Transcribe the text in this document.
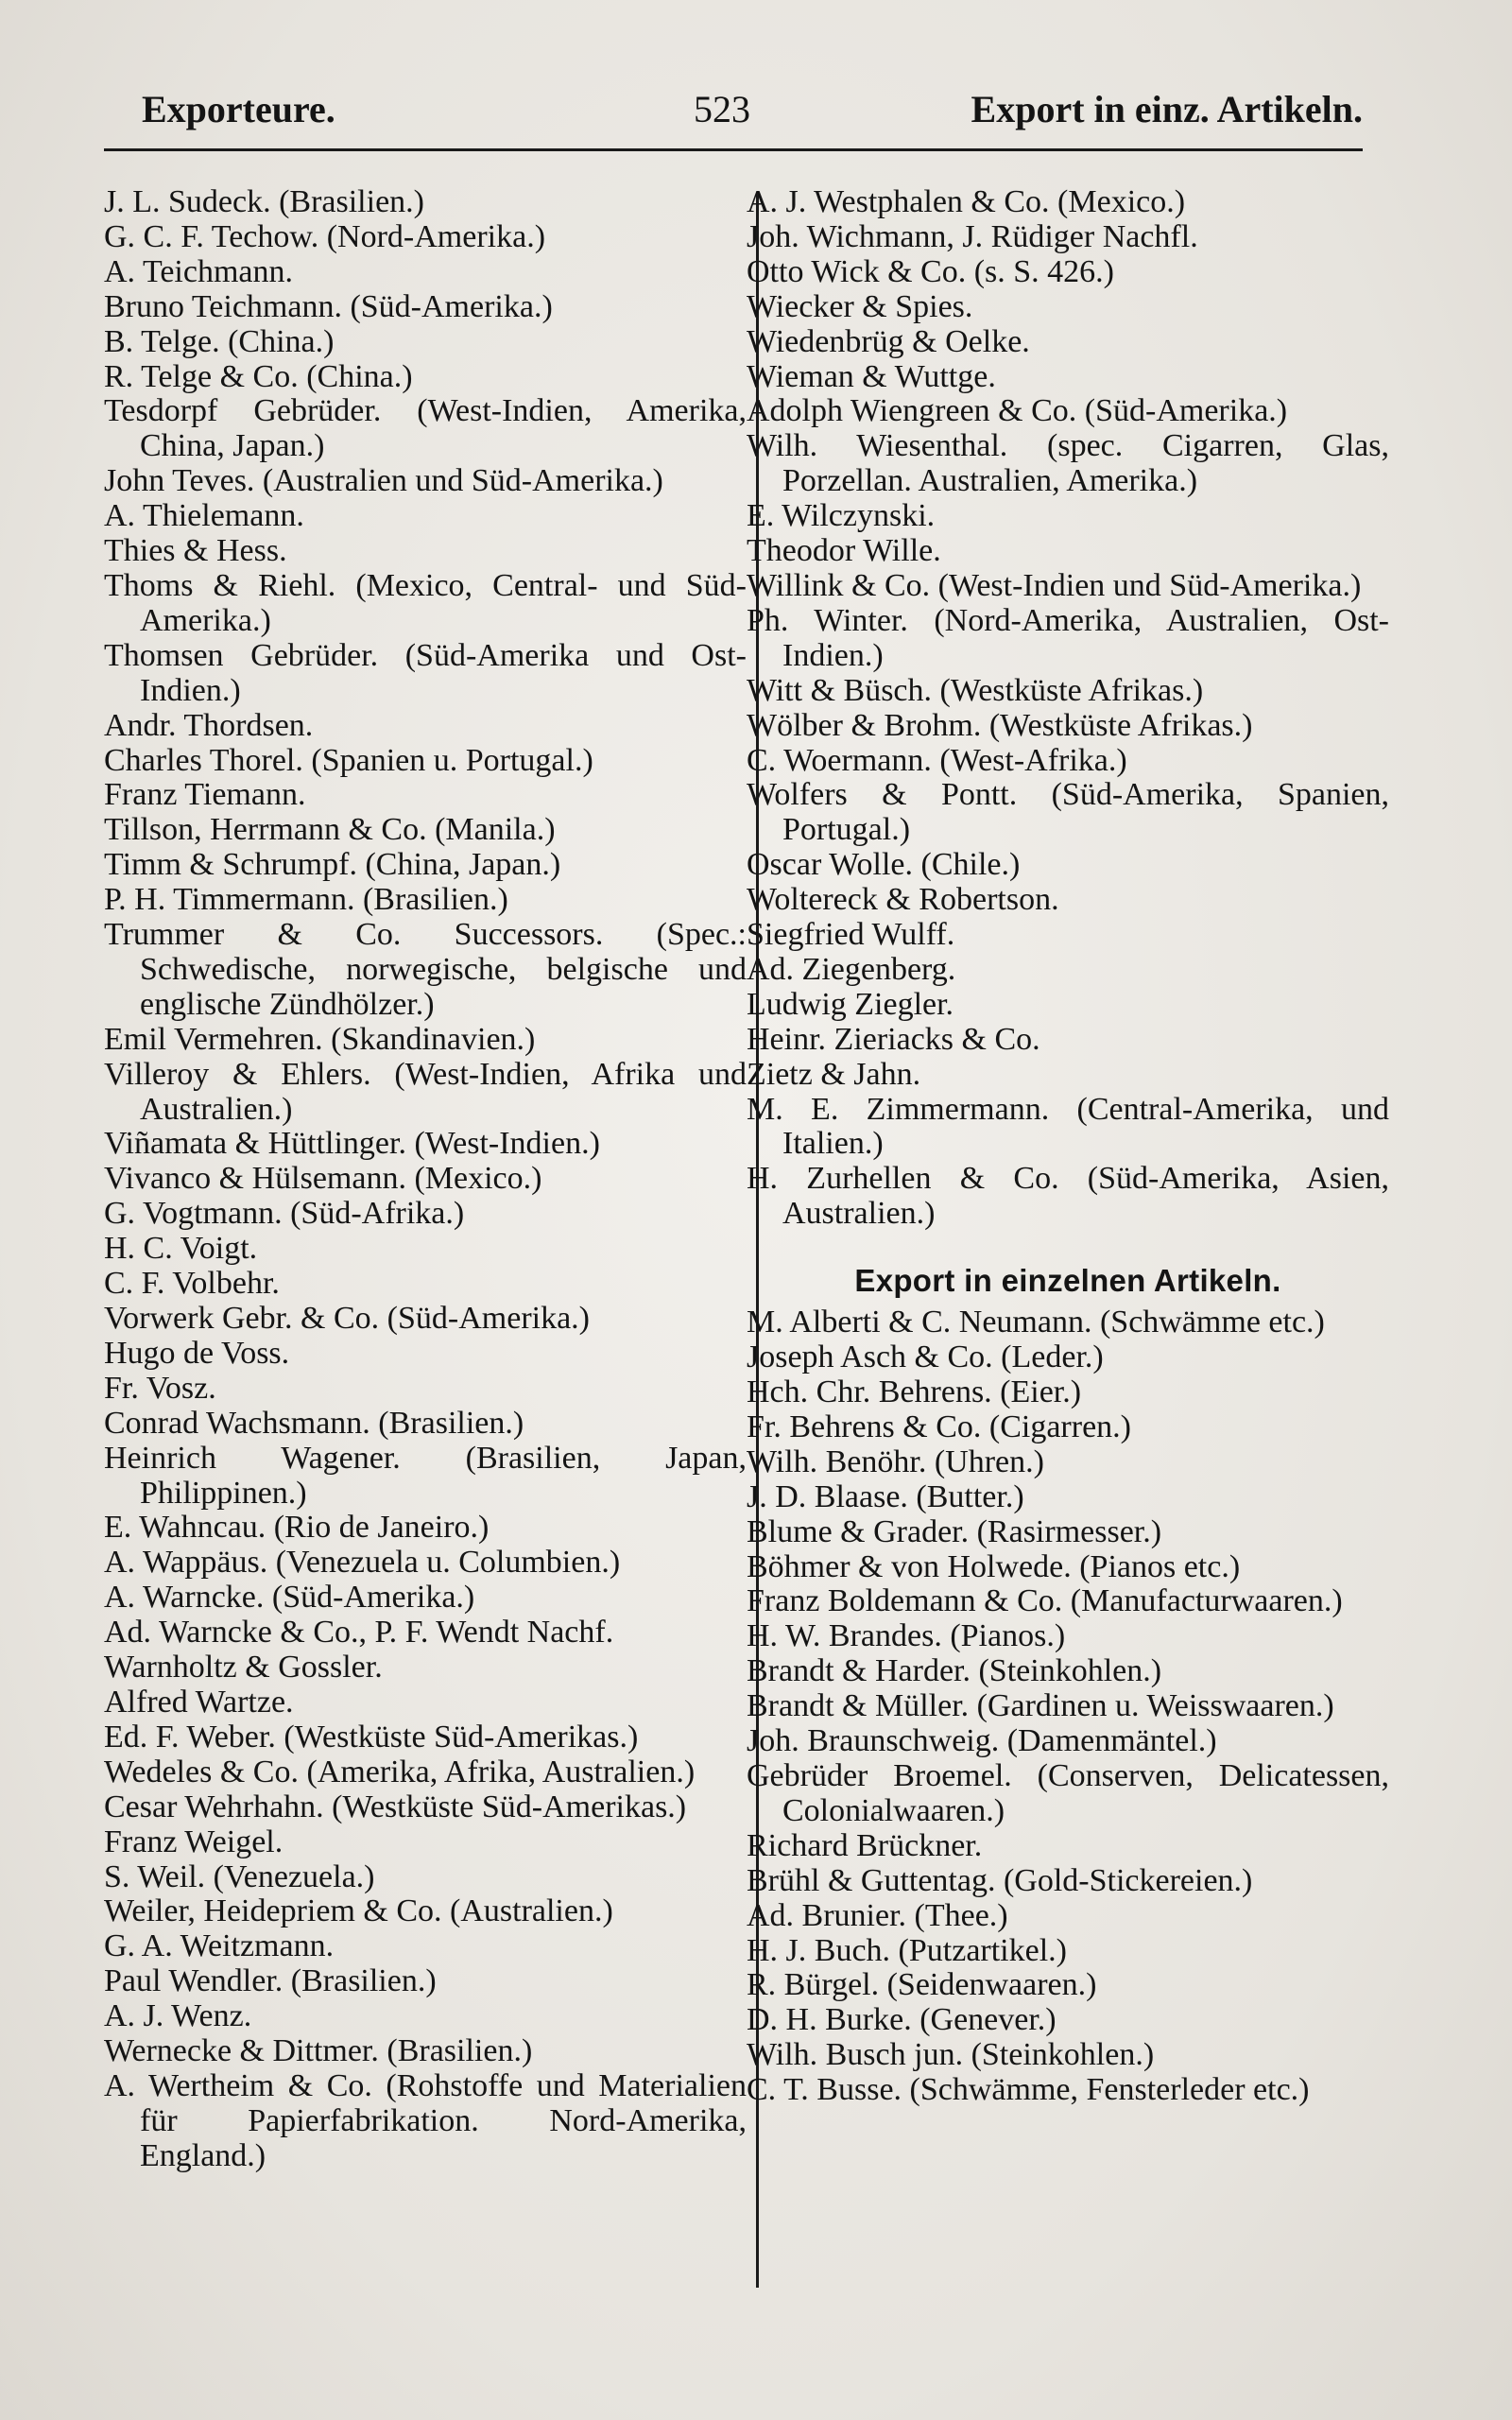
Exporteure.	523	Export in einz. Artikeln.
J. L. Sudeck. (Brasilien.)
G. C. F. Techow. (Nord-Amerika.)
A. Teichmann.
Bruno Teichmann. (Süd-Amerika.)
B. Telge. (China.)
R. Telge & Co. (China.)
Tesdorpf Gebrüder. (West-Indien, Amerika, China, Japan.)
John Teves. (Australien und Süd-Amerika.)
A. Thielemann.
Thies & Hess.
Thoms & Riehl. (Mexico, Central- und Süd-Amerika.)
Thomsen Gebrüder. (Süd-Amerika und Ost-Indien.)
Andr. Thordsen.
Charles Thorel. (Spanien u. Portugal.)
Franz Tiemann.
Tillson, Herrmann & Co. (Manila.)
Timm & Schrumpf. (China, Japan.)
P. H. Timmermann. (Brasilien.)
Trummer & Co. Successors. (Spec.: Schwedische, norwegische, belgische und englische Zündhölzer.)
Emil Vermehren. (Skandinavien.)
Villeroy & Ehlers. (West-Indien, Afrika und Australien.)
Viñamata & Hüttlinger. (West-Indien.)
Vivanco & Hülsemann. (Mexico.)
G. Vogtmann. (Süd-Afrika.)
H. C. Voigt.
C. F. Volbehr.
Vorwerk Gebr. & Co. (Süd-Amerika.)
Hugo de Voss.
Fr. Vosz.
Conrad Wachsmann. (Brasilien.)
Heinrich Wagener. (Brasilien, Japan, Philippinen.)
E. Wahncau. (Rio de Janeiro.)
A. Wappäus. (Venezuela u. Columbien.)
A. Warncke. (Süd-Amerika.)
Ad. Warncke & Co., P. F. Wendt Nachf.
Warnholtz & Gossler.
Alfred Wartze.
Ed. F. Weber. (Westküste Süd-Amerikas.)
Wedeles & Co. (Amerika, Afrika, Australien.)
Cesar Wehrhahn. (Westküste Süd-Amerikas.)
Franz Weigel.
S. Weil. (Venezuela.)
Weiler, Heidepriem & Co. (Australien.)
G. A. Weitzmann.
Paul Wendler. (Brasilien.)
A. J. Wenz.
Wernecke & Dittmer. (Brasilien.)
A. Wertheim & Co. (Rohstoffe und Materialien für Papierfabrikation. Nord-Amerika, England.)
A. J. Westphalen & Co. (Mexico.)
Joh. Wichmann, J. Rüdiger Nachfl.
Otto Wick & Co. (s. S. 426.)
Wiecker & Spies.
Wiedenbrüg & Oelke.
Wieman & Wuttge.
Adolph Wiengreen & Co. (Süd-Amerika.)
Wilh. Wiesenthal. (spec. Cigarren, Glas, Porzellan. Australien, Amerika.)
E. Wilczynski.
Theodor Wille.
Willink & Co. (West-Indien und Süd-Amerika.)
Ph. Winter. (Nord-Amerika, Australien, Ost-Indien.)
Witt & Büsch. (Westküste Afrikas.)
Wölber & Brohm. (Westküste Afrikas.)
C. Woermann. (West-Afrika.)
Wolfers & Pontt. (Süd-Amerika, Spanien, Portugal.)
Oscar Wolle. (Chile.)
Woltereck & Robertson.
Siegfried Wulff.
Ad. Ziegenberg.
Ludwig Ziegler.
Heinr. Zieriacks & Co.
Zietz & Jahn.
M. E. Zimmermann. (Central-Amerika, und Italien.)
H. Zurhellen & Co. (Süd-Amerika, Asien, Australien.)
Export in einzelnen Artikeln.
M. Alberti & C. Neumann. (Schwämme etc.)
Joseph Asch & Co. (Leder.)
Hch. Chr. Behrens. (Eier.)
Fr. Behrens & Co. (Cigarren.)
Wilh. Benöhr. (Uhren.)
J. D. Blaase. (Butter.)
Blume & Grader. (Rasirmesser.)
Böhmer & von Holwede. (Pianos etc.)
Franz Boldemann & Co. (Manufacturwaaren.)
H. W. Brandes. (Pianos.)
Brandt & Harder. (Steinkohlen.)
Brandt & Müller. (Gardinen u. Weisswaaren.)
Joh. Braunschweig. (Damenmäntel.)
Gebrüder Broemel. (Conserven, Delicatessen, Colonialwaaren.)
Richard Brückner.
Brühl & Guttentag. (Gold-Stickereien.)
Ad. Brunier. (Thee.)
H. J. Buch. (Putzartikel.)
R. Bürgel. (Seidenwaaren.)
D. H. Burke. (Genever.)
Wilh. Busch jun. (Steinkohlen.)
C. T. Busse. (Schwämme, Fensterleder etc.)
